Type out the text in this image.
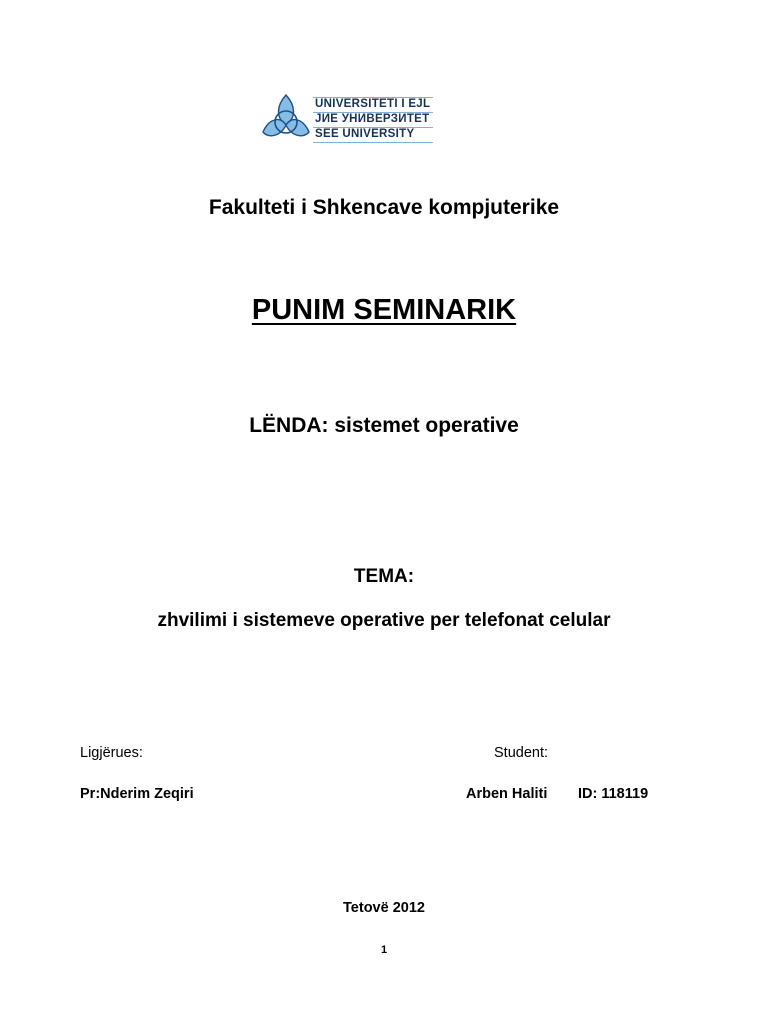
UNIVERSITETI I EJL
ЈИЕ УНИВЕРЗИТЕТ
SEE UNIVERSITY
Fakulteti i Shkencave kompjuterike
PUNIM SEMINARIK
LËNDA: sistemet operative
TEMA:
zhvilimi i sistemeve operative per telefonat celular
Ligjërues:
Pr:Nderim Zeqiri
Student:
Arben Haliti ID: 118119
Tetovë 2012
1
